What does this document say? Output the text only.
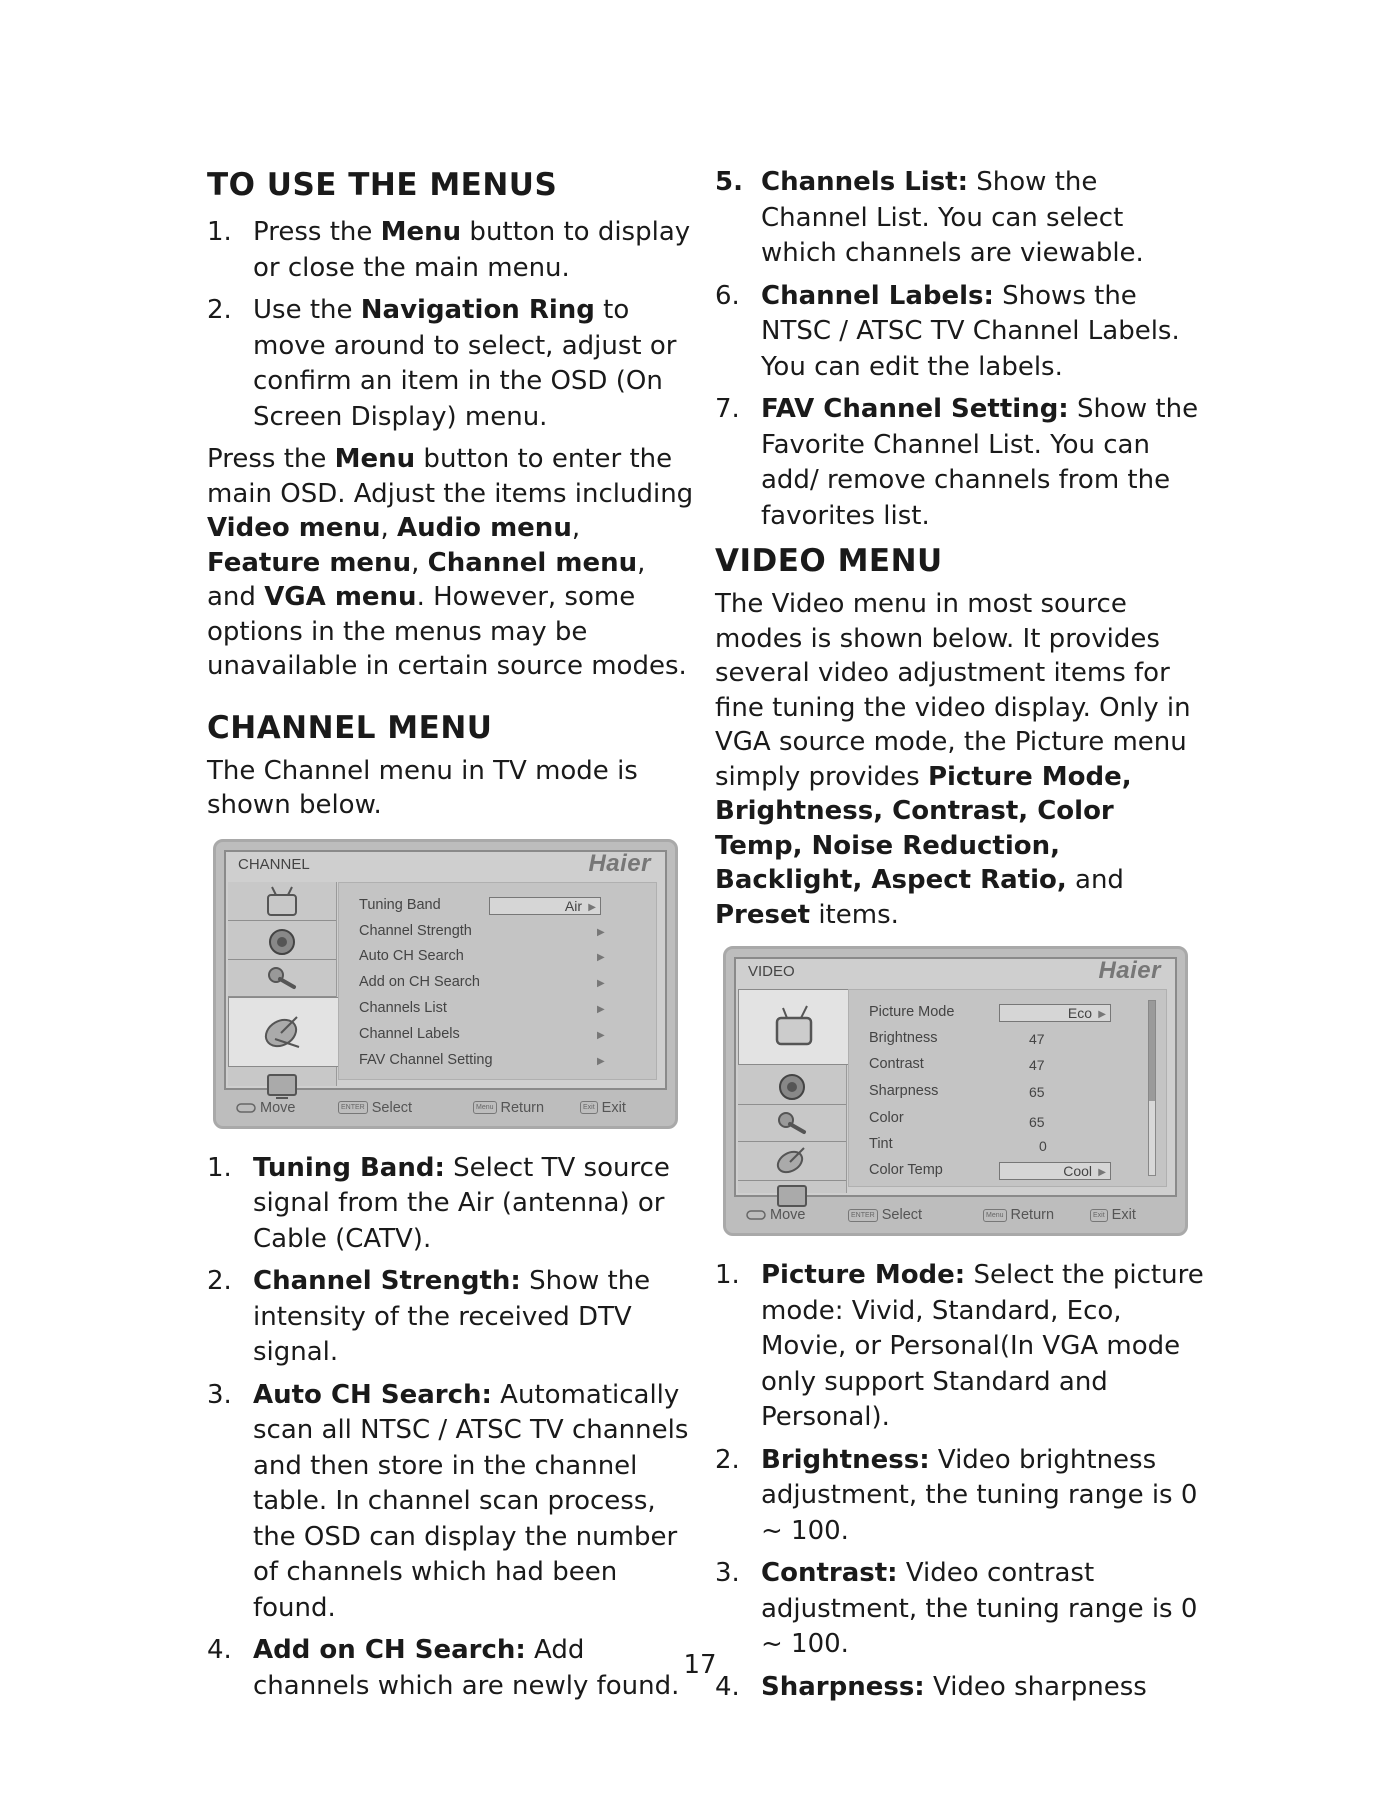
TO USE THE MENUS
1. Press the Menu button to display or close the main menu.
2. Use the Navigation Ring to move around to select, adjust or confirm an item in the OSD (On Screen Display) menu.

Press the Menu button to enter the main OSD. Adjust the items including Video menu, Audio menu, Feature menu, Channel menu, and VGA menu. However, some options in the menus may be unavailable in certain source modes.

CHANNEL MENU

The Channel menu in TV mode is shown below.

CHANNEL	Haier
Tuning Band	Air ▶
Channel Strength	▶
Auto CH Search	▶
Add on CH Search	▶
Channels List	▶
Channel Labels	▶
FAV Channel Setting	▶
Move	ENTER Select	Menu Return	Exit Exit
1. Tuning Band: Select TV source signal from the Air (antenna) or Cable (CATV).
2. Channel Strength: Show the intensity of the received DTV signal.
3. Auto CH Search: Automatically scan all NTSC / ATSC TV channels and then store in the channel table. In channel scan process, the OSD can display the number of channels which had been found.
4. Add on CH Search: Add channels which are newly found.
5. Channels List: Show the Channel List. You can select which channels are viewable.
6. Channel Labels: Shows the NTSC / ATSC TV Channel Labels. You can edit the labels.
7. FAV Channel Setting: Show the Favorite Channel List. You can add/ remove channels from the favorites list.
VIDEO MENU

The Video menu in most source modes is shown below. It provides several video adjustment items for fine tuning the video display. Only in VGA source mode, the Picture menu simply provides Picture Mode, Brightness, Contrast, Color Temp, Noise Reduction, Backlight, Aspect Ratio, and Preset items.

VIDEO	Haier
Picture Mode	Eco ▶
Brightness	47
Contrast	47
Sharpness	65
Color	65
Tint	0
Color Temp	Cool ▶
Move	ENTER Select	Menu Return	Exit Exit
1. Picture Mode: Select the picture mode: Vivid, Standard, Eco, Movie, or Personal(In VGA mode only support Standard and Personal).
2. Brightness: Video brightness adjustment, the tuning range is 0 ~ 100.
3. Contrast: Video contrast adjustment, the tuning range is 0 ~ 100.
4. Sharpness: Video sharpness
17
